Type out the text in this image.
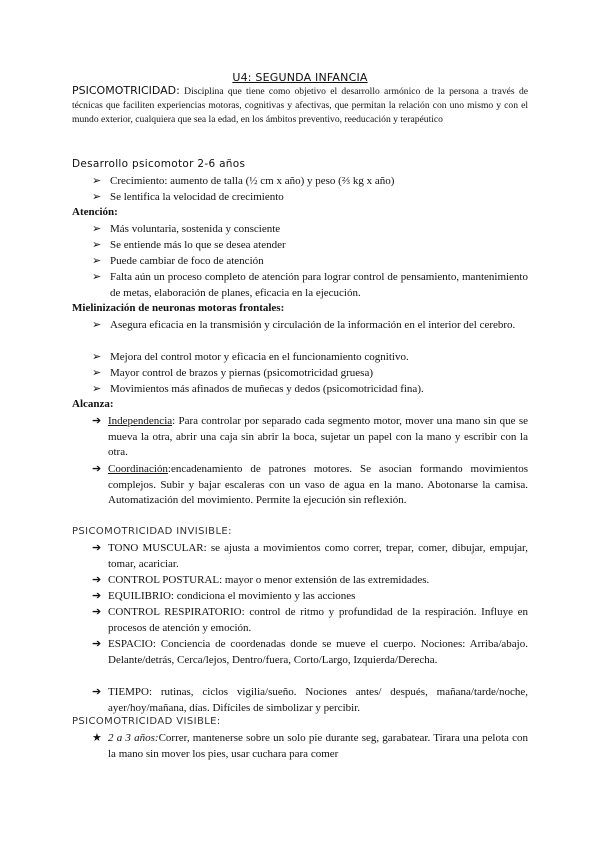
U4: SEGUNDA INFANCIA
PSICOMOTRICIDAD: Disciplina que tiene como objetivo el desarrollo armónico de la persona a través de técnicas que faciliten experiencias motoras, cognitivas y afectivas, que permitan la relación con uno mismo y con el mundo exterior, cualquiera que sea la edad, en los ámbitos preventivo, reeducación y terapéutico
Desarrollo psicomotor 2-6 años
➢ Crecimiento: aumento de talla (½ cm x año) y peso (⅔ kg x año)
➢ Se lentifica la velocidad de crecimiento
Atención:
➢ Más voluntaria, sostenida y consciente
➢ Se entiende más lo que se desea atender
➢ Puede cambiar de foco de atención
➢ Falta aún un proceso completo de atención para lograr control de pensamiento, mantenimiento de metas, elaboración de planes, eficacia en la ejecución.
Mielinización de neuronas motoras frontales:
➢ Asegura eficacia en la transmisión y circulación de la información en el interior del cerebro.
➢ Mejora del control motor y eficacia en el funcionamiento cognitivo.
➢ Mayor control de brazos y piernas (psicomotricidad gruesa)
➢ Movimientos más afinados de muñecas y dedos (psicomotricidad fina).
Alcanza:
➔ Independencia: Para controlar por separado cada segmento motor, mover una mano sin que se mueva la otra, abrir una caja sin abrir la boca, sujetar un papel con la mano y escribir con la otra.
➔ Coordinación:encadenamiento de patrones motores. Se asocian formando movimientos complejos. Subir y bajar escaleras con un vaso de agua en la mano. Abotonarse la camisa. Automatización del movimiento. Permite la ejecución sin reflexión.
PSICOMOTRICIDAD INVISIBLE:
➔ TONO MUSCULAR: se ajusta a movimientos como correr, trepar, comer, dibujar, empujar, tomar, acariciar.
➔ CONTROL POSTURAL: mayor o menor extensión de las extremidades.
➔ EQUILIBRIO: condiciona el movimiento y las acciones
➔ CONTROL RESPIRATORIO: control de ritmo y profundidad de la respiración. Influye en procesos de atención y emoción.
➔ ESPACIO: Conciencia de coordenadas donde se mueve el cuerpo. Nociones: Arriba/abajo. Delante/detrás, Cerca/lejos, Dentro/fuera, Corto/Largo, Izquierda/Derecha.
➔ TIEMPO: rutinas, ciclos vigilia/sueño. Nociones antes/ después, mañana/tarde/noche, ayer/hoy/mañana, días. Difíciles de simbolizar y percibir.
PSICOMOTRICIDAD VISIBLE:
★ 2 a 3 años:Correr, mantenerse sobre un solo pie durante seg, garabatear. Tirara una pelota con la mano sin mover los pies, usar cuchara para comer
